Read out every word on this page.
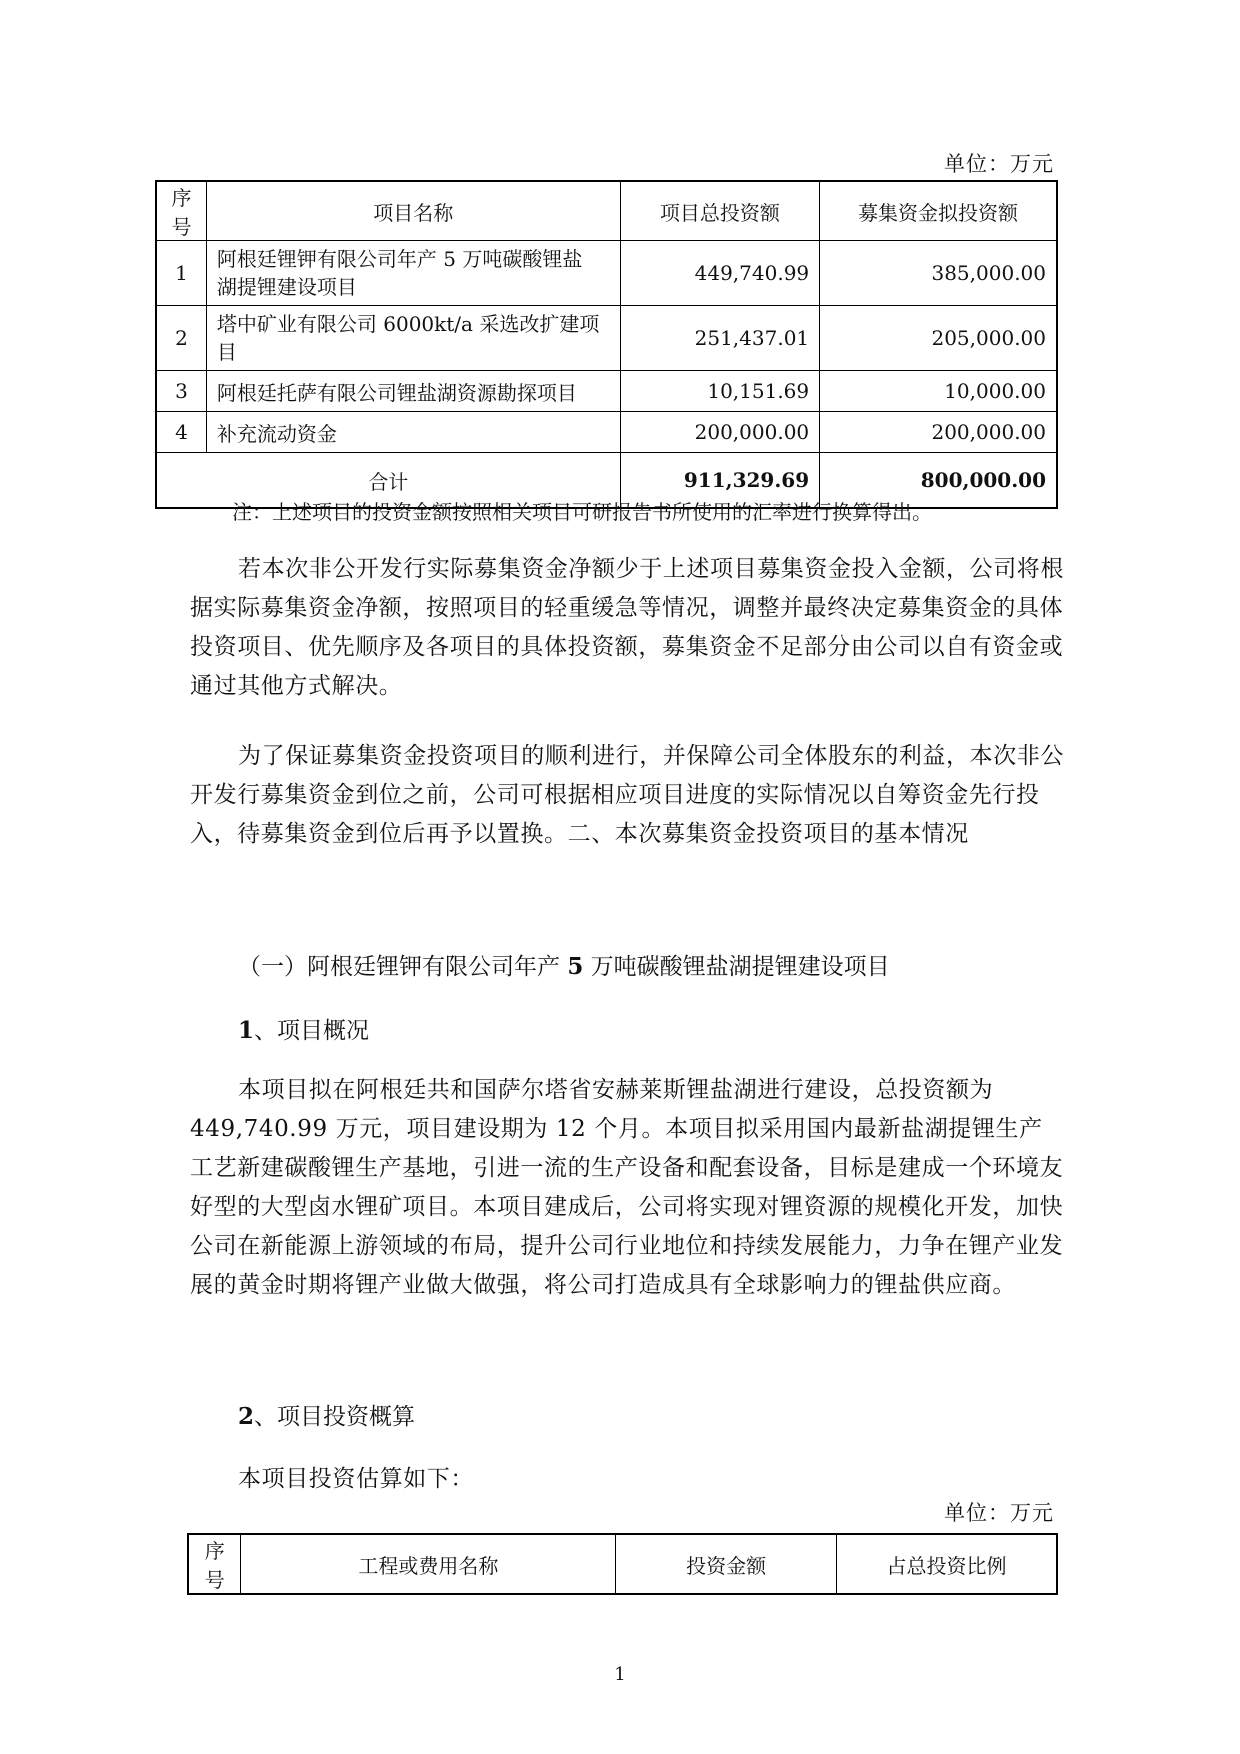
单位：万元
序号	项目名称	项目总投资额	募集资金拟投资额
1	阿根廷锂钾有限公司年产 5 万吨碳酸锂盐
湖提锂建设项目	449,740.99	385,000.00
2	塔中矿业有限公司 6000kt/a 采选改扩建项
目	251,437.01	205,000.00
3	阿根廷托萨有限公司锂盐湖资源勘探项目	10,151.69	10,000.00
4	补充流动资金	200,000.00	200,000.00
合计		911,329.69	800,000.00
注：上述项目的投资金额按照相关项目可研报告书所使用的汇率进行换算得出。
若本次非公开发行实际募集资金净额少于上述项目募集资金投入金额，公司将根据实际募集资金净额，按照项目的轻重缓急等情况，调整并最终决定募集资金的具体投资项目、优先顺序及各项目的具体投资额，募集资金不足部分由公司以自有资金或通过其他方式解决。
为了保证募集资金投资项目的顺利进行，并保障公司全体股东的利益，本次非公开发行募集资金到位之前，公司可根据相应项目进度的实际情况以自筹资金先行投入，待募集资金到位后再予以置换。二、本次募集资金投资项目的基本情况
（一）阿根廷锂钾有限公司年产 5 万吨碳酸锂盐湖提锂建设项目
1、项目概况
本项目拟在阿根廷共和国萨尔塔省安赫莱斯锂盐湖进行建设，总投资额为 449,740.99 万元，项目建设期为 12 个月。本项目拟采用国内最新盐湖提锂生产工艺新建碳酸锂生产基地，引进一流的生产设备和配套设备，目标是建成一个环境友好型的大型卤水锂矿项目。本项目建成后，公司将实现对锂资源的规模化开发，加快公司在新能源上游领域的布局，提升公司行业地位和持续发展能力，力争在锂产业发展的黄金时期将锂产业做大做强，将公司打造成具有全球影响力的锂盐供应商。
2、项目投资概算
本项目投资估算如下：
单位：万元
序号	工程或费用名称	投资金额	占总投资比例
1
